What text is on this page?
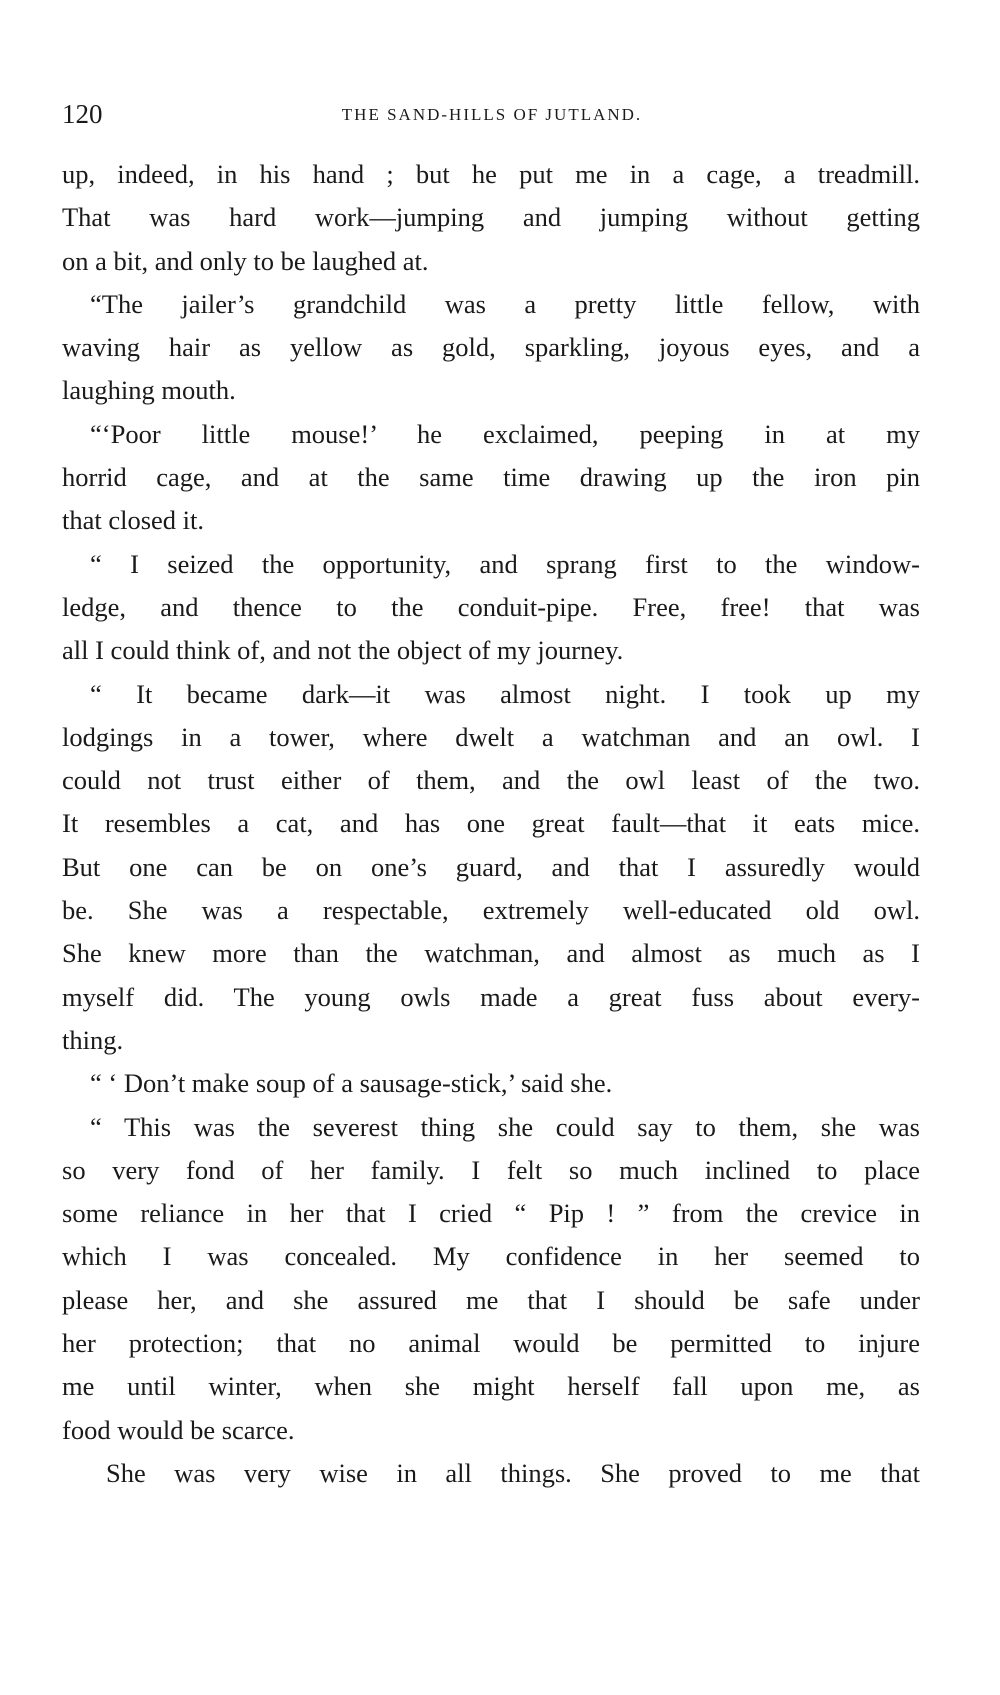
120	THE SAND-HILLS OF JUTLAND.
up, indeed, in his hand ; but he put me in a cage, a treadmill.
That was hard work—jumping and jumping without getting
on a bit, and only to be laughed at.
“The jailer’s grandchild was a pretty little fellow, with
waving hair as yellow as gold, sparkling, joyous eyes, and a
laughing mouth.
“‘Poor little mouse!’ he exclaimed, peeping in at my
horrid cage, and at the same time drawing up the iron pin
that closed it.
“ I seized the opportunity, and sprang first to the window-
ledge, and thence to the conduit-pipe. Free, free! that was
all I could think of, and not the object of my journey.
“ It became dark—it was almost night. I took up my
lodgings in a tower, where dwelt a watchman and an owl. I
could not trust either of them, and the owl least of the two.
It resembles a cat, and has one great fault—that it eats mice.
But one can be on one’s guard, and that I assuredly would
be. She was a respectable, extremely well-educated old owl.
She knew more than the watchman, and almost as much as I
myself did. The young owls made a great fuss about every-
thing.
“ ‘ Don’t make soup of a sausage-stick,’ said she.
“ This was the severest thing she could say to them, she was
so very fond of her family. I felt so much inclined to place
some reliance in her that I cried “ Pip ! ” from the crevice in
which I was concealed. My confidence in her seemed to
please her, and she assured me that I should be safe under
her protection; that no animal would be permitted to injure
me until winter, when she might herself fall upon me, as
food would be scarce.
She was very wise in all things. She proved to me that
